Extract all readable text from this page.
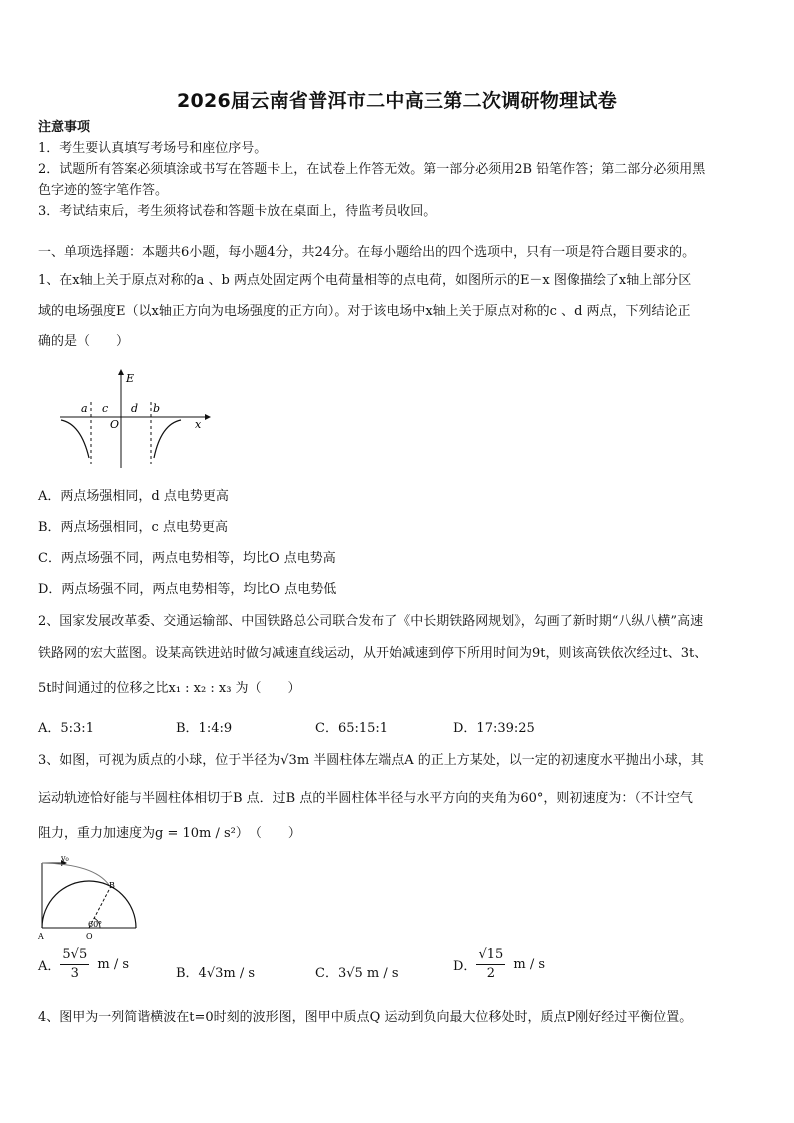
2026届云南省普洱市二中高三第二次调研物理试卷
注意事项
1．考生要认真填写考场号和座位序号。
2．试题所有答案必须填涂或书写在答题卡上，在试卷上作答无效。第一部分必须用2B 铅笔作答；第二部分必须用黑
色字迹的签字笔作答。
3．考试结束后，考生须将试卷和答题卡放在桌面上，待监考员收回。
一、单项选择题：本题共6小题，每小题4分，共24分。在每小题给出的四个选项中，只有一项是符合题目要求的。
1、在x轴上关于原点对称的a 、b 两点处固定两个电荷量相等的点电荷，如图所示的E－x 图像描绘了x轴上部分区
域的电场强度E（以x轴正方向为电场强度的正方向）。对于该电场中x轴上关于原点对称的c 、d 两点，下列结论正
确的是（　　）
E
x
O
a c d b
A．两点场强相同，d 点电势更高
B．两点场强相同，c 点电势更高
C．两点场强不同，两点电势相等，均比O 点电势高
D．两点场强不同，两点电势相等，均比O 点电势低
2、国家发展改革委、交通运输部、中国铁路总公司联合发布了《中长期铁路网规划》，勾画了新时期“八纵八横”高速
铁路网的宏大蓝图。设某高铁进站时做匀减速直线运动，从开始减速到停下所用时间为9t，则该高铁依次经过t、3t、
5t时间通过的位移之比x₁ : x₂ : x₃ 为（　　）
A．5:3:1	B．1:4:9	C．65:15:1	D．17:39:25
3、如图，可视为质点的小球，位于半径为√3m 半圆柱体左端点A 的正上方某处，以一定的初速度水平抛出小球，其
运动轨迹恰好能与半圆柱体相切于B 点．过B 点的半圆柱体半径与水平方向的夹角为60°，则初速度为：（不计空气
阻力，重力加速度为g = 10m / s²）　（　　）
v₀
B
A	O
60°
A． $\frac{5√5}{3}$ m / s
B．4√3m / s	C．3√5 m / s	D． $\frac{√15}{2}$ m / s
4、图甲为一列简谐横波在t=0时刻的波形图，图甲中质点Q 运动到负向最大位移处时，质点P刚好经过平衡位置。
